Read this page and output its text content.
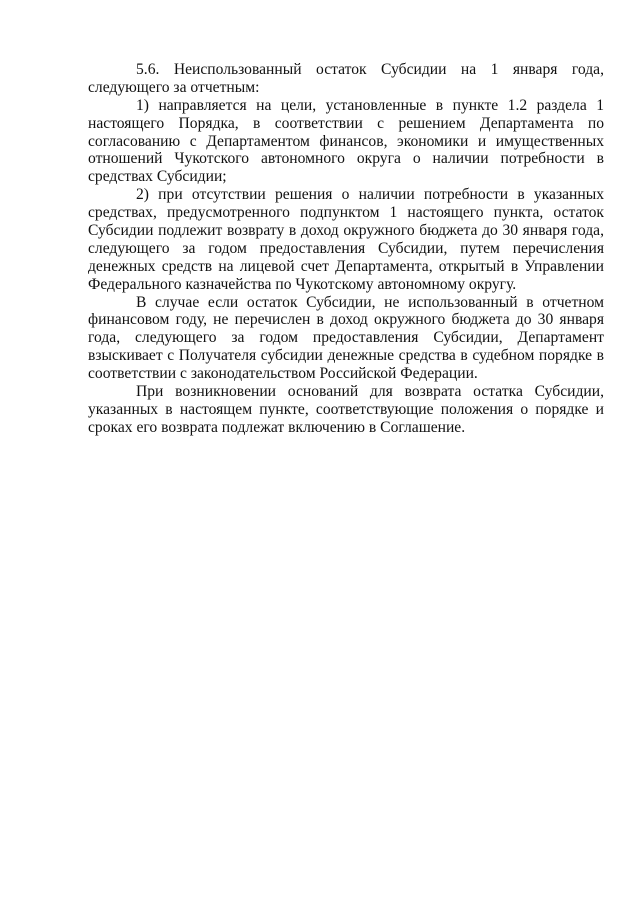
5.6. Неиспользованный остаток Субсидии на 1 января года,
следующего за отчетным:
1) направляется на цели, установленные в пункте 1.2 раздела 1
настоящего Порядка, в соответствии с решением Департамента по
согласованию с Департаментом финансов, экономики и имущественных
отношений Чукотского автономного округа о наличии потребности в
средствах Субсидии;
2) при отсутствии решения о наличии потребности в указанных
средствах, предусмотренного подпунктом 1 настоящего пункта, остаток
Субсидии подлежит возврату в доход окружного бюджета до 30 января года,
следующего за годом предоставления Субсидии, путем перечисления
денежных средств на лицевой счет Департамента, открытый в Управлении
Федерального казначейства по Чукотскому автономному округу.
В случае если остаток Субсидии, не использованный в отчетном
финансовом году, не перечислен в доход окружного бюджета до 30 января
года, следующего за годом предоставления Субсидии, Департамент
взыскивает с Получателя субсидии денежные средства в судебном порядке в
соответствии с законодательством Российской Федерации.
При возникновении оснований для возврата остатка Субсидии,
указанных в настоящем пункте, соответствующие положения о порядке и
сроках его возврата подлежат включению в Соглашение.
